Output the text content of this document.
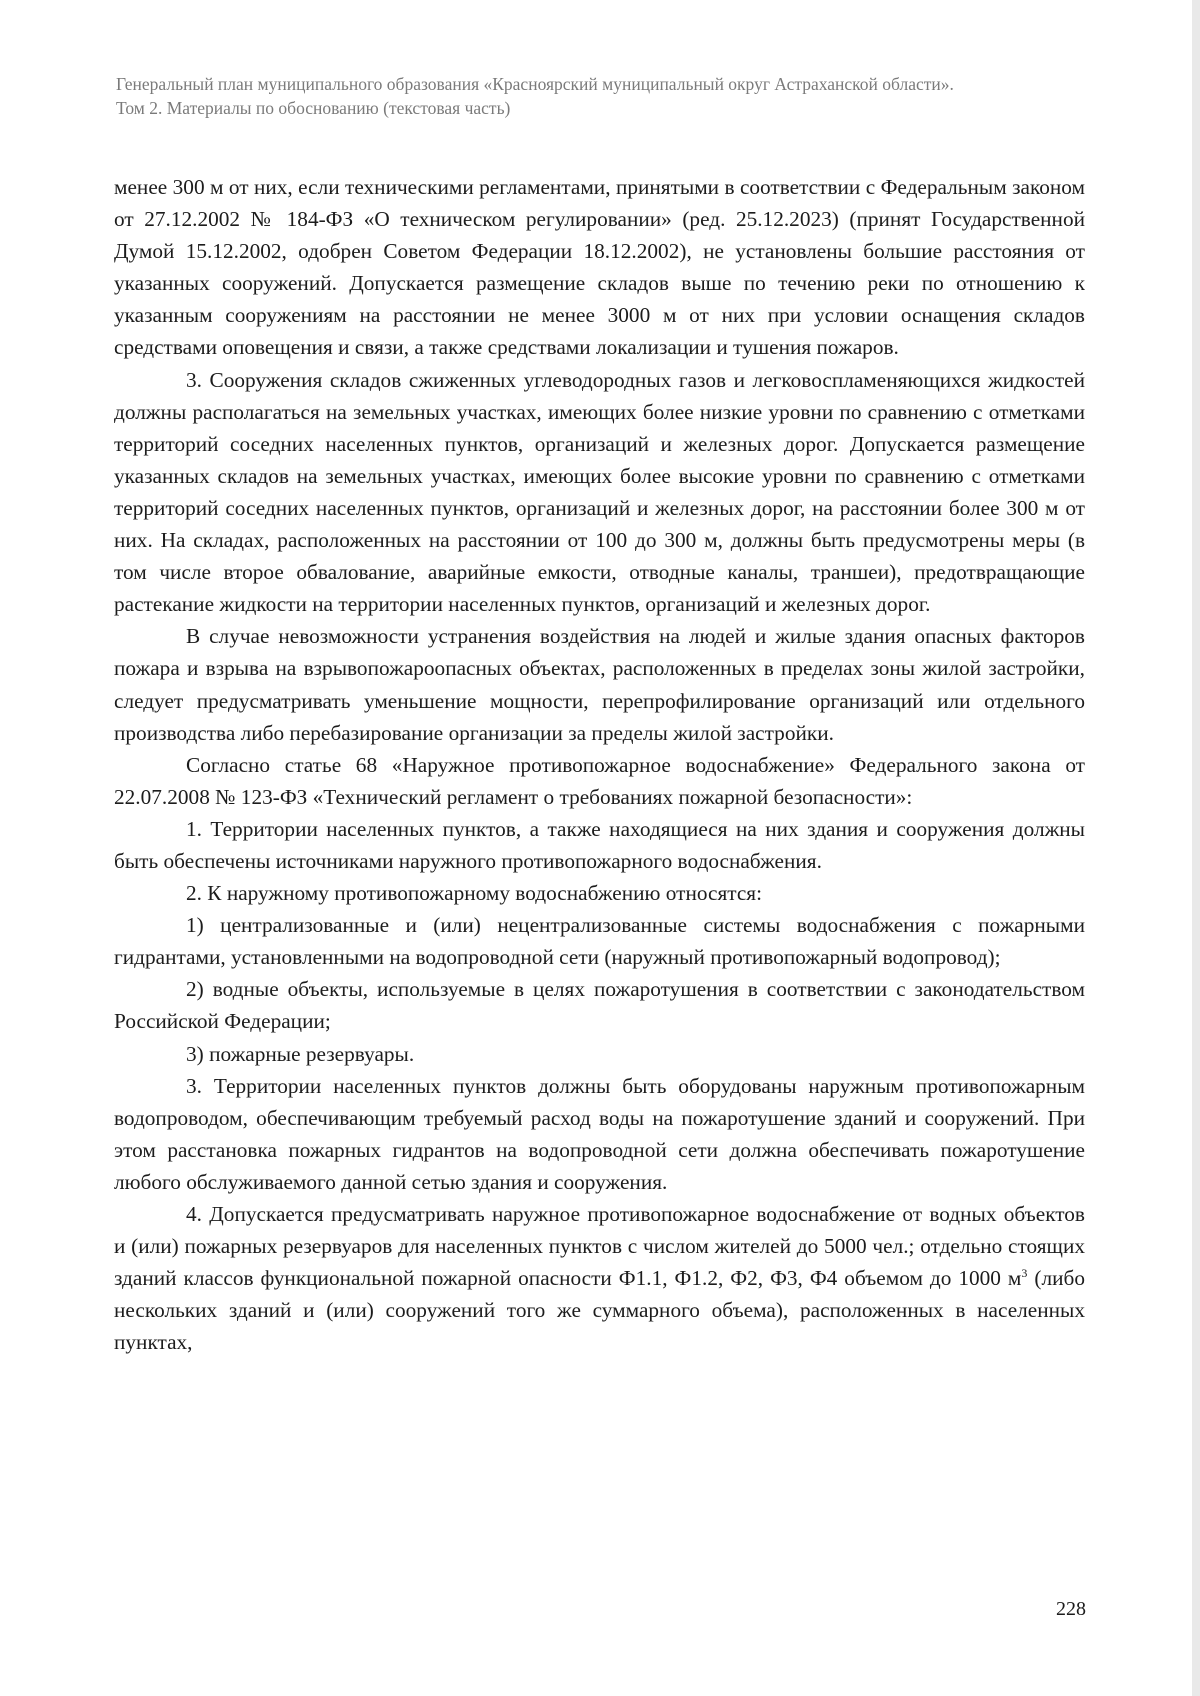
Генеральный план муниципального образования «Красноярский муниципальный округ Астраханской области».
Том 2. Материалы по обоснованию (текстовая часть)

менее 300 м от них, если техническими регламентами, принятыми в соответствии с Федеральным законом от 27.12.2002 № 184-ФЗ «О техническом регулировании» (ред. 25.12.2023) (принят Государственной Думой 15.12.2002, одобрен Советом Федерации 18.12.2002), не установлены большие расстояния от указанных сооружений. Допускается размещение складов выше по течению реки по отношению к указанным сооружениям на расстоянии не менее 3000 м от них при условии оснащения складов средствами оповещения и связи, а также средствами локализации и тушения пожаров.

3. Сооружения складов сжиженных углеводородных газов и легковоспламеняющихся жидкостей должны располагаться на земельных участках, имеющих более низкие уровни по сравнению с отметками территорий соседних населенных пунктов, организаций и железных дорог. Допускается размещение указанных складов на земельных участках, имеющих более высокие уровни по сравнению с отметками территорий соседних населенных пунктов, организаций и железных дорог, на расстоянии более 300 м от них. На складах, расположенных на расстоянии от 100 до 300 м, должны быть предусмотрены меры (в том числе второе обвалование, аварийные емкости, отводные каналы, траншеи), предотвращающие растекание жидкости на территории населенных пунктов, организаций и железных дорог.

В случае невозможности устранения воздействия на людей и жилые здания опасных факторов пожара и взрыва на взрывопожароопасных объектах, расположенных в пределах зоны жилой застройки, следует предусматривать уменьшение мощности, перепрофилирование организаций или отдельного производства либо перебазирование организации за пределы жилой застройки.

Согласно статье 68 «Наружное противопожарное водоснабжение» Федерального закона от 22.07.2008 № 123-ФЗ «Технический регламент о требованиях пожарной безопасности»:

1. Территории населенных пунктов, а также находящиеся на них здания и сооружения должны быть обеспечены источниками наружного противопожарного водоснабжения.

2. К наружному противопожарному водоснабжению относятся:

1) централизованные и (или) нецентрализованные системы водоснабжения с пожарными гидрантами, установленными на водопроводной сети (наружный противопожарный водопровод);

2) водные объекты, используемые в целях пожаротушения в соответствии с законодательством Российской Федерации;

3) пожарные резервуары.

3. Территории населенных пунктов должны быть оборудованы наружным противопожарным водопроводом, обеспечивающим требуемый расход воды на пожаротушение зданий и сооружений. При этом расстановка пожарных гидрантов на водопроводной сети должна обеспечивать пожаротушение любого обслуживаемого данной сетью здания и сооружения.

4. Допускается предусматривать наружное противопожарное водоснабжение от водных объектов и (или) пожарных резервуаров для населенных пунктов с числом жителей до 5000 чел.; отдельно стоящих зданий классов функциональной пожарной опасности Ф1.1, Ф1.2, Ф2, Ф3, Ф4 объемом до 1000 $м^3$ (либо нескольких зданий и (или) сооружений того же суммарного объема), расположенных в населенных пунктах,

228
